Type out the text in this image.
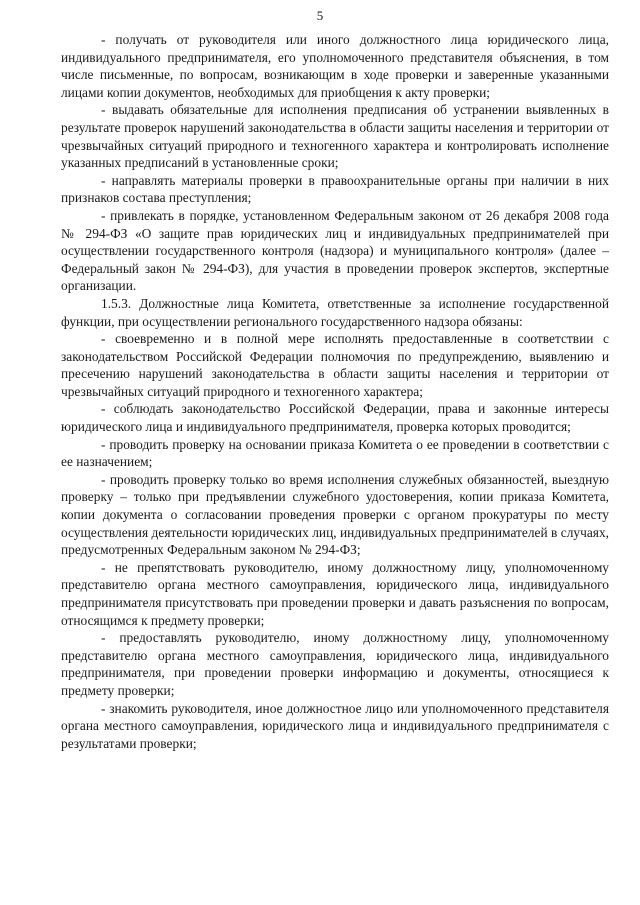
5

- получать от руководителя или иного должностного лица юридического лица, индивидуального предпринимателя, его уполномоченного представителя объяснения, в том числе письменные, по вопросам, возникающим в ходе проверки и заверенные указанными лицами копии документов, необходимых для приобщения к акту проверки;

- выдавать обязательные для исполнения предписания об устранении выявленных в результате проверок нарушений законодательства в области защиты населения и территории от чрезвычайных ситуаций природного и техногенного характера и контролировать исполнение указанных предписаний в установленные сроки;

- направлять материалы проверки в правоохранительные органы при наличии в них признаков состава преступления;

- привлекать в порядке, установленном Федеральным законом от 26 декабря 2008 года № 294-ФЗ «О защите прав юридических лиц и индивидуальных предпринимателей при осуществлении государственного контроля (надзора) и муниципального контроля» (далее – Федеральный закон № 294-ФЗ), для участия в проведении проверок экспертов, экспертные организации.

1.5.3. Должностные лица Комитета, ответственные за исполнение государственной функции, при осуществлении регионального государственного надзора обязаны:

- своевременно и в полной мере исполнять предоставленные в соответствии с законодательством Российской Федерации полномочия по предупреждению, выявлению и пресечению нарушений законодательства в области защиты населения и территории от чрезвычайных ситуаций природного и техногенного характера;

- соблюдать законодательство Российской Федерации, права и законные интересы юридического лица и индивидуального предпринимателя, проверка которых проводится;

- проводить проверку на основании приказа Комитета о ее проведении в соответствии с ее назначением;

- проводить проверку только во время исполнения служебных обязанностей, выездную проверку – только при предъявлении служебного удостоверения, копии приказа Комитета, копии документа о согласовании проведения проверки с органом прокуратуры по месту осуществления деятельности юридических лиц, индивидуальных предпринимателей в случаях, предусмотренных Федеральным законом № 294-ФЗ;

- не препятствовать руководителю, иному должностному лицу, уполномоченному представителю органа местного самоуправления, юридического лица, индивидуального предпринимателя присутствовать при проведении проверки и давать разъяснения по вопросам, относящимся к предмету проверки;

- предоставлять руководителю, иному должностному лицу, уполномоченному представителю органа местного самоуправления, юридического лица, индивидуального предпринимателя, при проведении проверки информацию и документы, относящиеся к предмету проверки;

- знакомить руководителя, иное должностное лицо или уполномоченного представителя органа местного самоуправления, юридического лица и индивидуального предпринимателя с результатами проверки;
